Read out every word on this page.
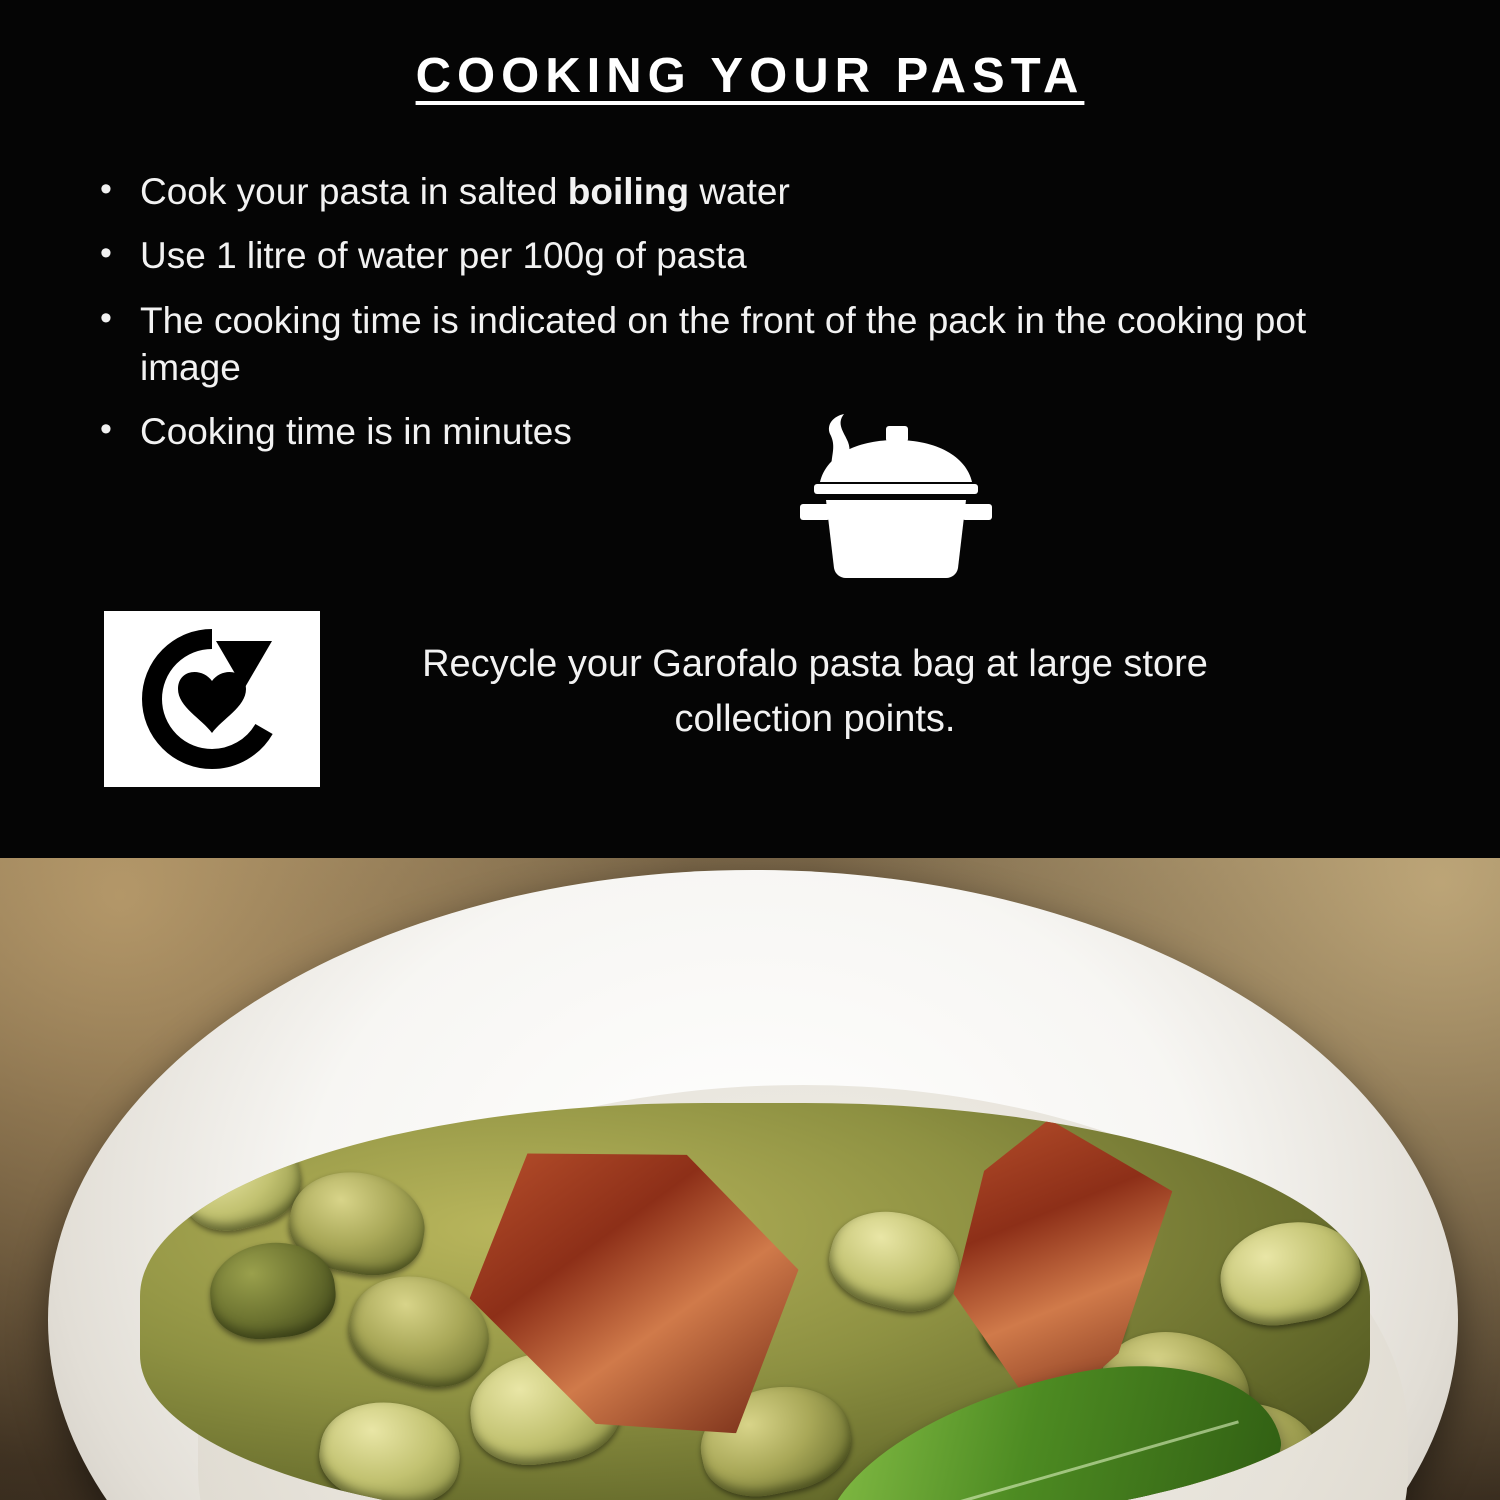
COOKING YOUR PASTA
• Cook your pasta in salted boiling water
• Use 1 litre of water per 100g of pasta
• The cooking time is indicated on the front of the pack in the cooking pot image
• Cooking time is in minutes
Recycle your Garofalo pasta bag at large store collection points.
